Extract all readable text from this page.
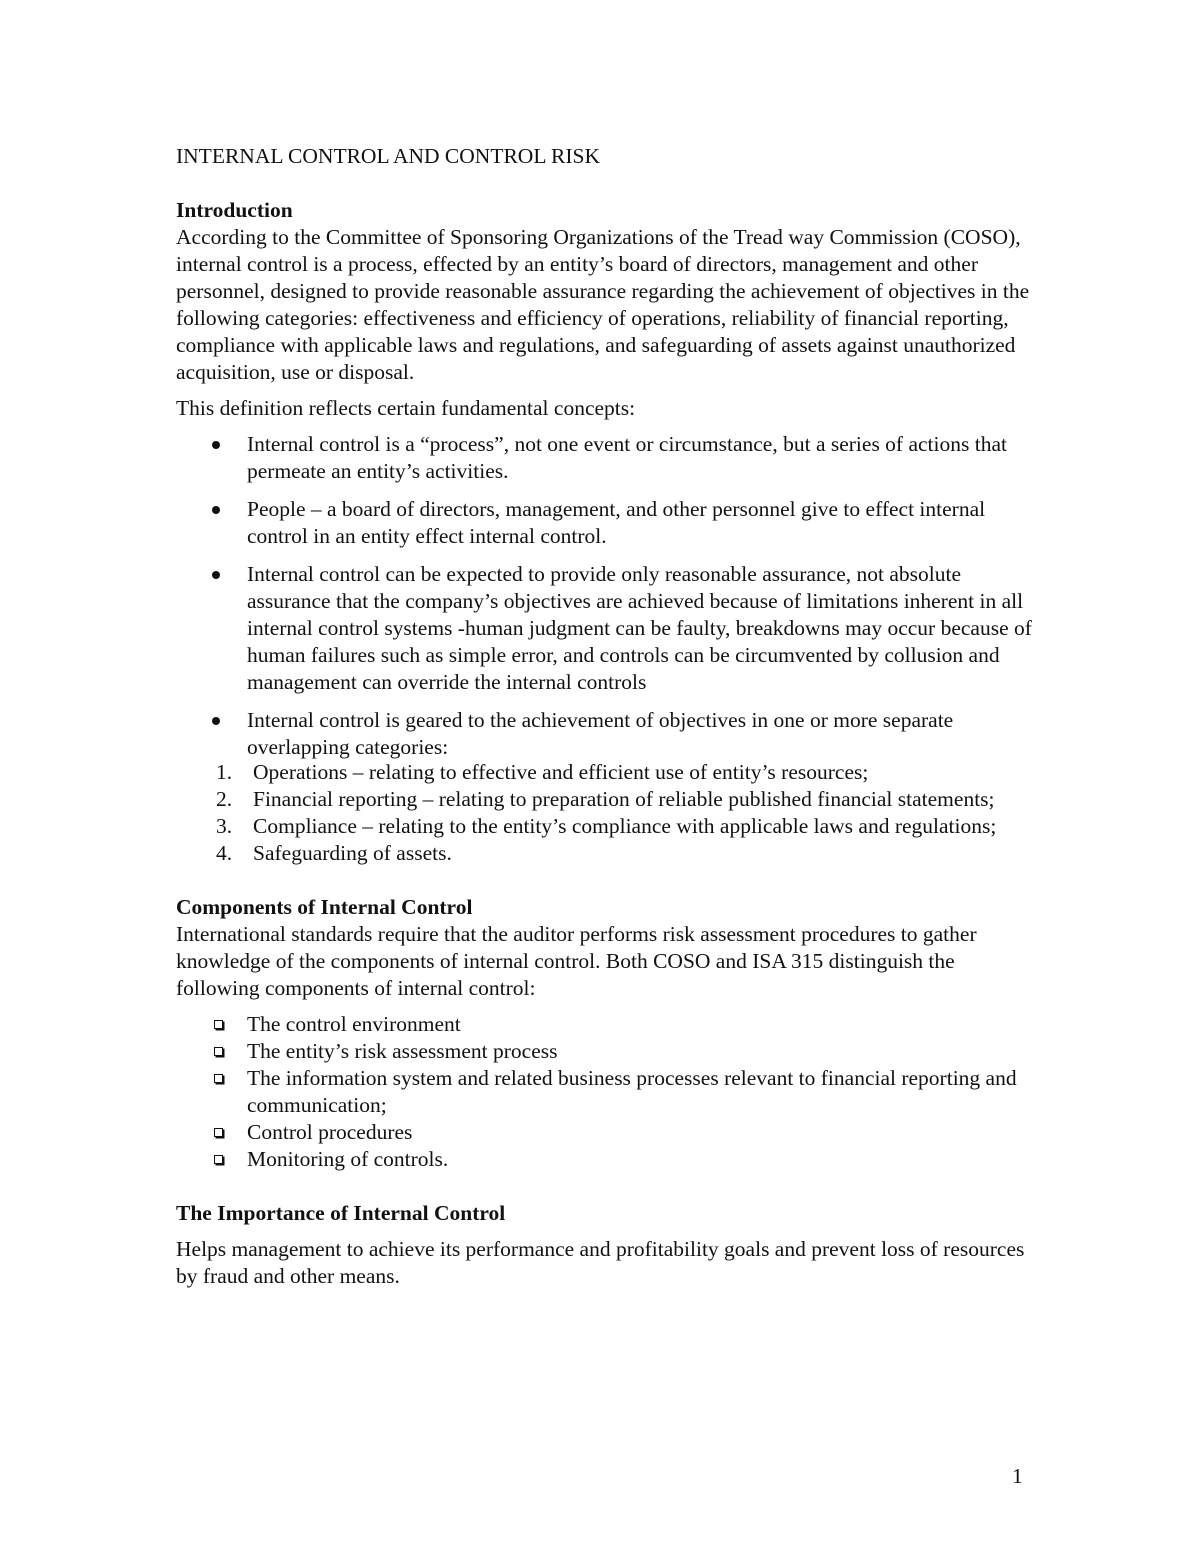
INTERNAL CONTROL AND CONTROL RISK
Introduction

According to the Committee of Sponsoring Organizations of the Tread way Commission (COSO), internal control is a process, effected by an entity’s board of directors, management and other personnel, designed to provide reasonable assurance regarding the achievement of objectives in the following categories: effectiveness and efficiency of operations, reliability of financial reporting, compliance with applicable laws and regulations, and safeguarding of assets against unauthorized acquisition, use or disposal.

This definition reflects certain fundamental concepts:

Internal control is a “process”, not one event or circumstance, but a series of actions that permeate an entity’s activities.
People – a board of directors, management, and other personnel give to effect internal control in an entity effect internal control.
Internal control can be expected to provide only reasonable assurance, not absolute assurance that the company’s objectives are achieved because of limitations inherent in all internal control systems -human judgment can be faulty, breakdowns may occur because of human failures such as simple error, and controls can be circumvented by collusion and management can override the internal controls
Internal control is geared to the achievement of objectives in one or more separate overlapping categories:
1. Operations – relating to effective and efficient use of entity’s resources;
2. Financial reporting – relating to preparation of reliable published financial statements;
3. Compliance – relating to the entity’s compliance with applicable laws and regulations;
4. Safeguarding of assets.
Components of Internal Control

International standards require that the auditor performs risk assessment procedures to gather knowledge of the components of internal control. Both COSO and ISA 315 distinguish the following components of internal control:

The control environment
The entity’s risk assessment process
The information system and related business processes relevant to financial reporting and communication;
Control procedures
Monitoring of controls.
The Importance of Internal Control

Helps management to achieve its performance and profitability goals and prevent loss of resources by fraud and other means.

1
